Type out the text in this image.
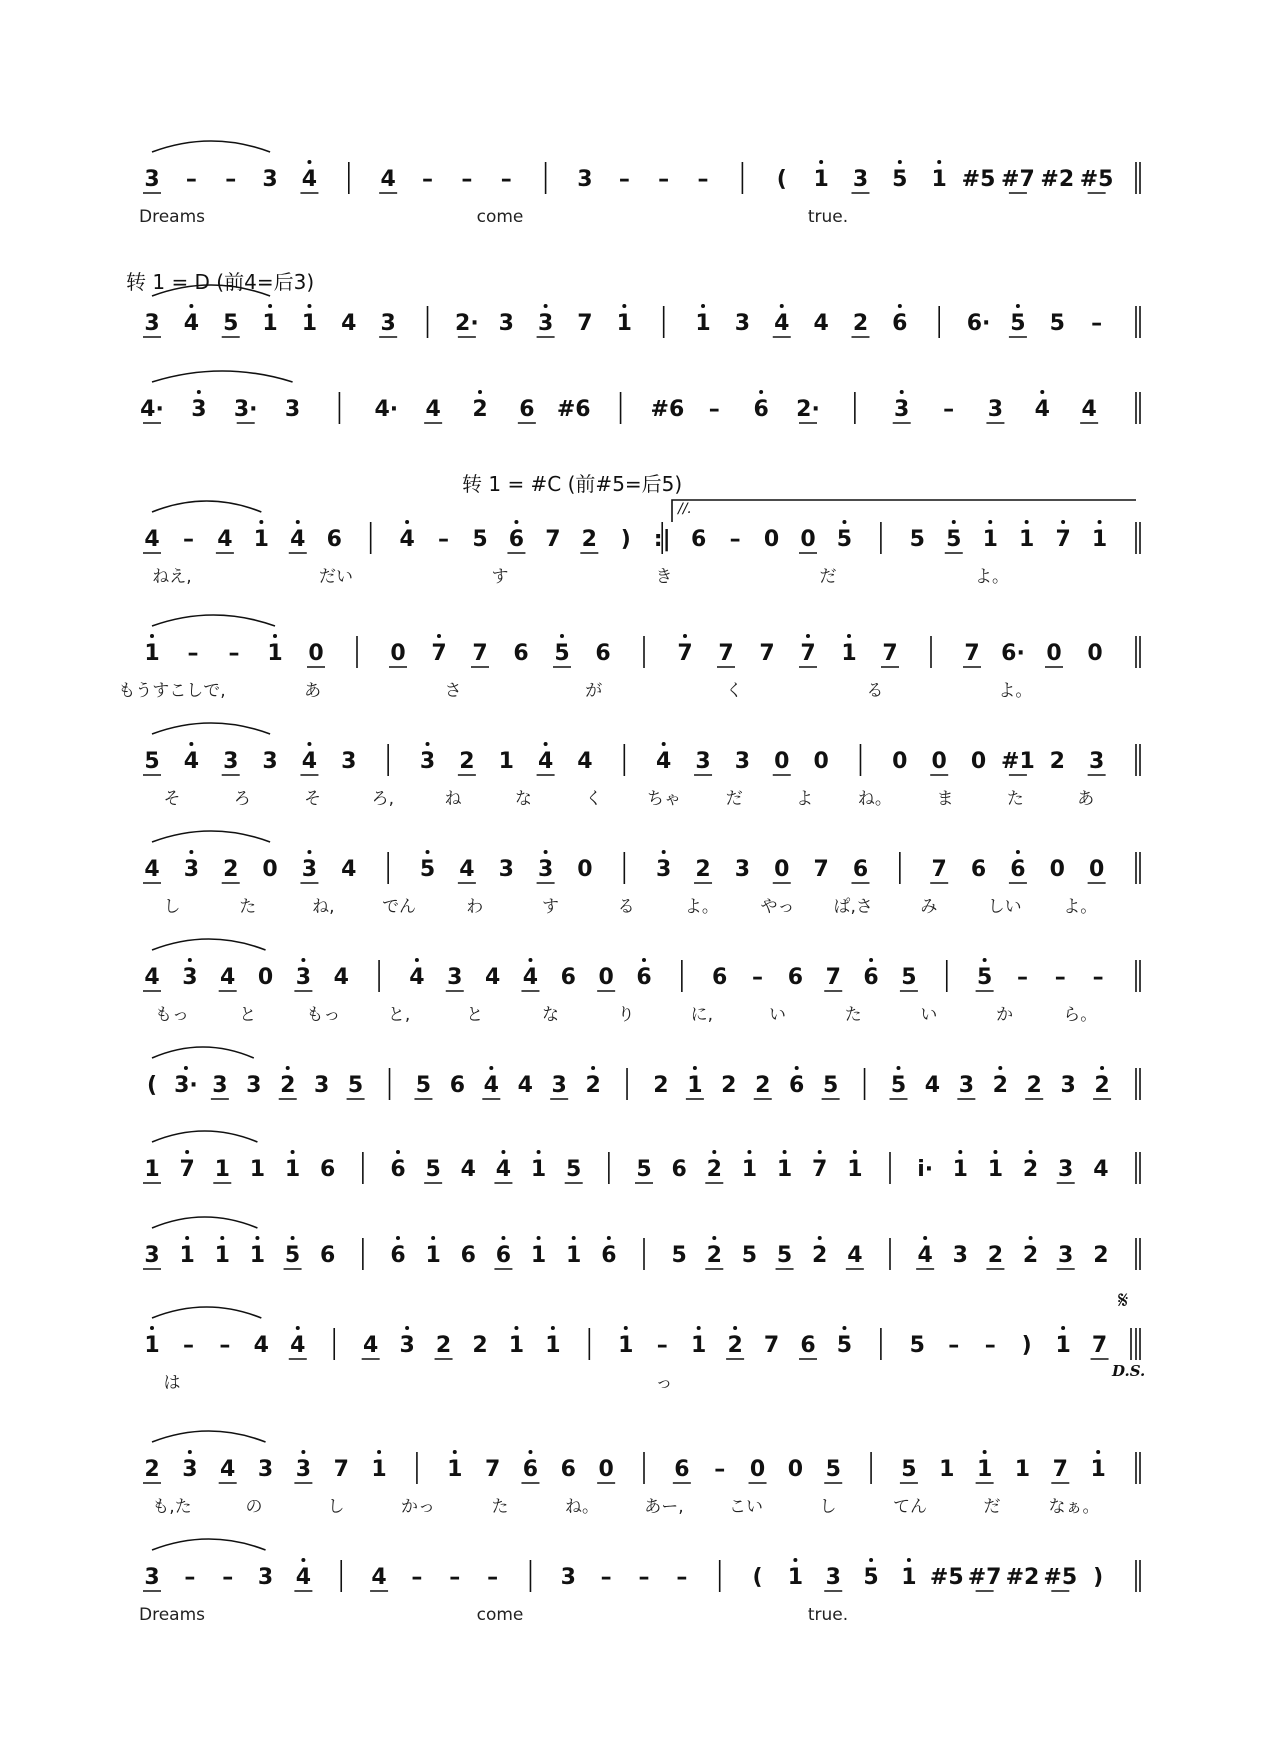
3 – – 3 4	4 – – –	3 – – –	( 1 3 5 1 #5 #7 #2 #5
3 4 5 1 1 4 3	2· 3 3 7 1	1 3 4 4 2 6	6· 5 5 –
4· 3 3· 3	4· 4 2 6 #6	#6 – 6 2·	3 – 3 4 4
4 – 4 1 4 6	4 – 5 6 7 2 ) :| 6 – 0 0 5	5 5 1 1 7 1
1 – – 1 0	0 7 7 6 5 6	7 7 7 7 1 7	7 6· 0 0
5 4 3 3 4 3	3 2 1 4 4	4 3 3 0 0	0 0 0 #1 2 3
4 3 2 0 3 4	5 4 3 3 0	3 2 3 0 7 6	7 6 6 0 0
4 3 4 0 3 4	4 3 4 4 6 0 6	6 – 6 7 6 5	5 – – –
( 3· 3 3 2 3 5 5 6 4 4 3 2 2 1 2 2 6 5 5 4 3 2 2 3 2
1 7 1 1 1 6 6 5 4 4 1 5 5 6 2 1 1 7 1 i· 1 1 2 3 4
3 1 1 1 5 6 6 1 6 6 1 1 6 5 2 5 5 2 4 4 3 2 2 3 2
1 – – 4 4	4 3 2 2 1 1	1 – 1 2 7 6 5	5 – – ) 1 7
2 3 4 3 3 7 1	1 7 6 6 0	6 – 0 0 5	5 1 1 1 7 1
3 – – 3 4	4 – – –	3 – – –	( 1 3 5 1 #5 #7 #2 #5 )
Dreams	come	true.
ねえ,	だい	す	き	だ	よ。
もうすこしで,	あ	さ	が	く	る	よ。
そ	ろ	そ	ろ,	ね	な	く	ちゃ	だ	よ	ね。	ま	た	あ
し	た	ね,	でん	わ	す	る	よ。 やっ ぱ,さ	み	しい よ。
もっ	と	もっ	と,	と	な	り	に,	い	た	い	か	ら。
は	っ
も,た	の	し	かっ	た	ね。	あー,	こい	し	てん	だ	なぁ。
Dreams	come	true.
转 1 = D (前4=后3)
转 1 = #C (前#5=后5)
//.
𝄋
D.S.
